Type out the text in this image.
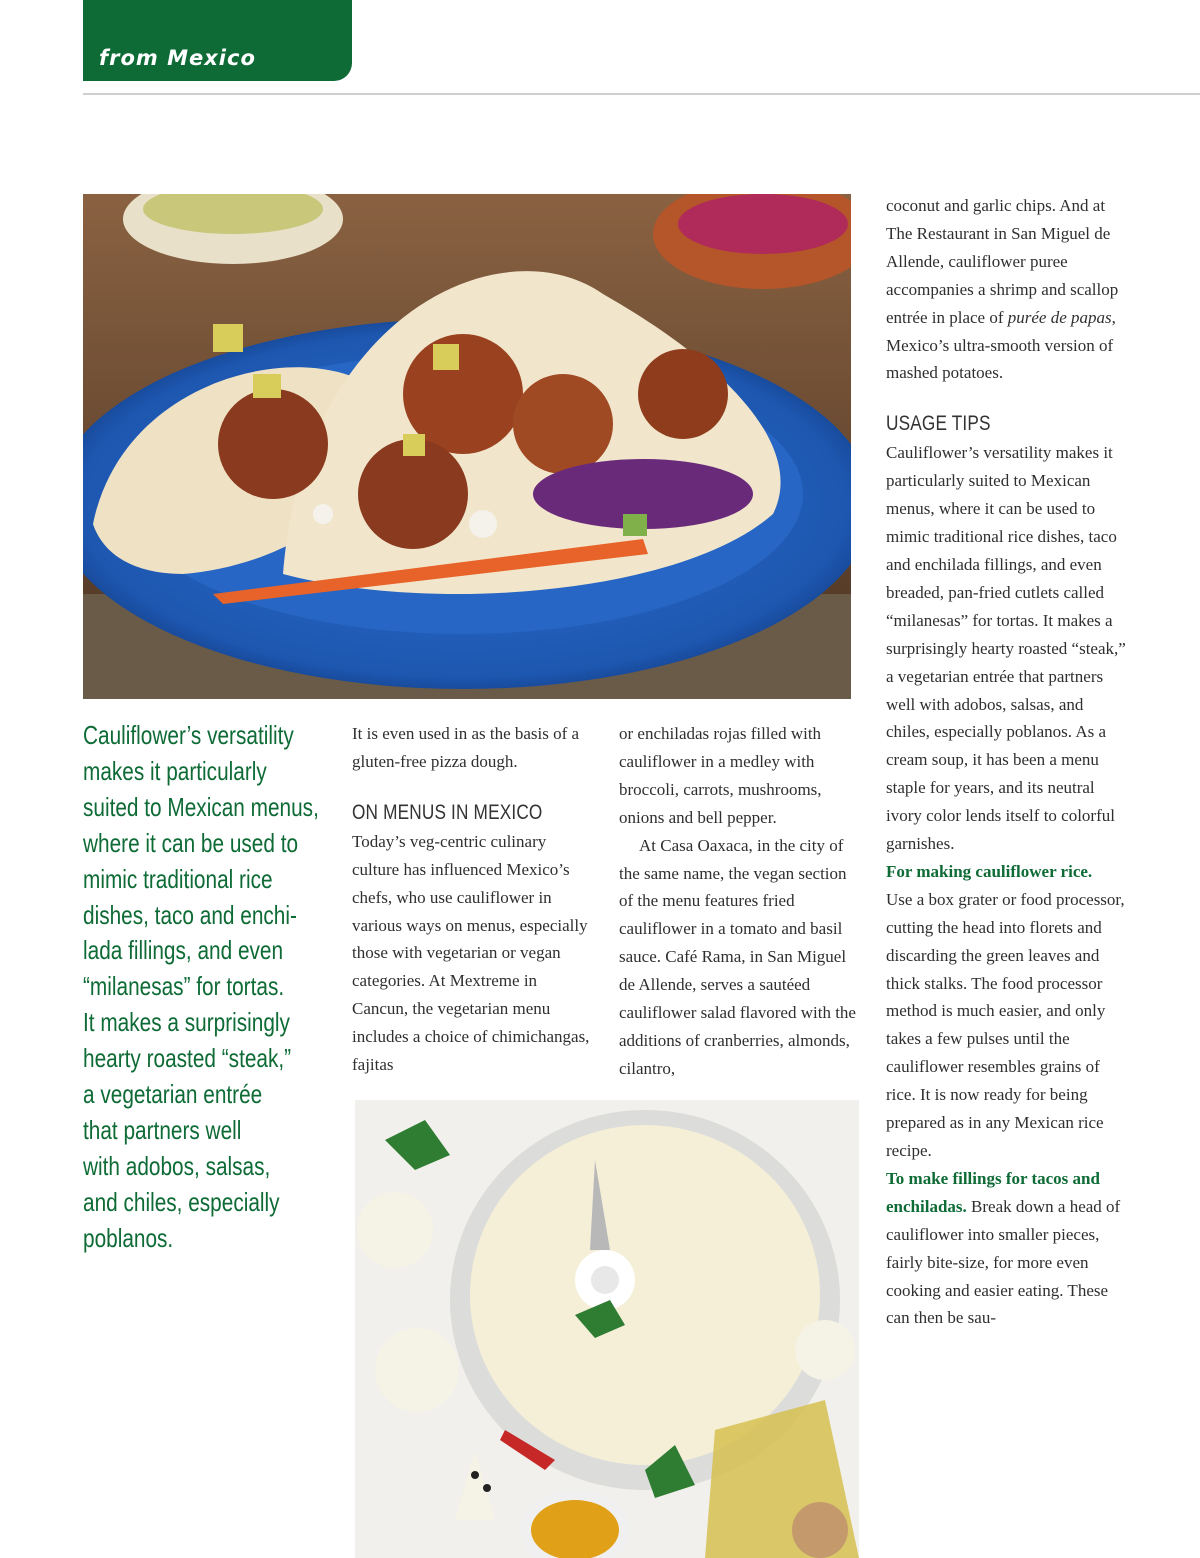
from Mexico
Cauliflower’s versatility
makes it particularly
suited to Mexican menus,
where it can be used to
mimic traditional rice
dishes, taco and enchi-
lada fillings, and even
“milanesas” for tortas.
It makes a surprisingly
hearty roasted “steak,”
a vegetarian entrée
that partners well
with adobos, salsas,
and chiles, especially
poblanos.

It is even used in as the basis of a gluten-free pizza dough.

ON MENUS IN MEXICO

Today’s veg-centric culinary culture has influenced Mexico’s chefs, who use cauliflower in various ways on menus, especially those with vegetarian or vegan categories. At Mextreme in Cancun, the vegetarian menu includes a choice of chimichangas, fajitas

or enchiladas rojas filled with cauliflower in a medley with broccoli, carrots, mushrooms, onions and bell pepper.

At Casa Oaxaca, in the city of the same name, the vegan section of the menu features fried cauliflower in a tomato and basil sauce. Café Rama, in San Miguel de Allende, serves a sautéed cauliflower salad flavored with the additions of cranberries, almonds, cilantro,

coconut and garlic chips. And at The Restaurant in San Miguel de Allende, cauliflower puree accompanies a shrimp and scallop entrée in place of purée de papas, Mexico’s ultra-smooth version of mashed potatoes.

USAGE TIPS

Cauliflower’s versatility makes it particularly suited to Mexican menus, where it can be used to mimic traditional rice dishes, taco and enchilada fillings, and even breaded, pan-fried cutlets called “milanesas” for tortas. It makes a surprisingly hearty roasted “steak,” a vegetarian entrée that partners well with adobos, salsas, and chiles, especially poblanos. As a cream soup, it has been a menu staple for years, and its neutral ivory color lends itself to colorful garnishes.

For making cauliflower rice.

Use a box grater or food processor, cutting the head into florets and discarding the green leaves and thick stalks. The food processor method is much easier, and only takes a few pulses until the cauliflower resembles grains of rice. It is now ready for being prepared as in any Mexican rice recipe.

To make fillings for tacos and enchiladas. Break down a head of cauliflower into smaller pieces, fairly bite-size, for more even cooking and easier eating. These can then be sau-
